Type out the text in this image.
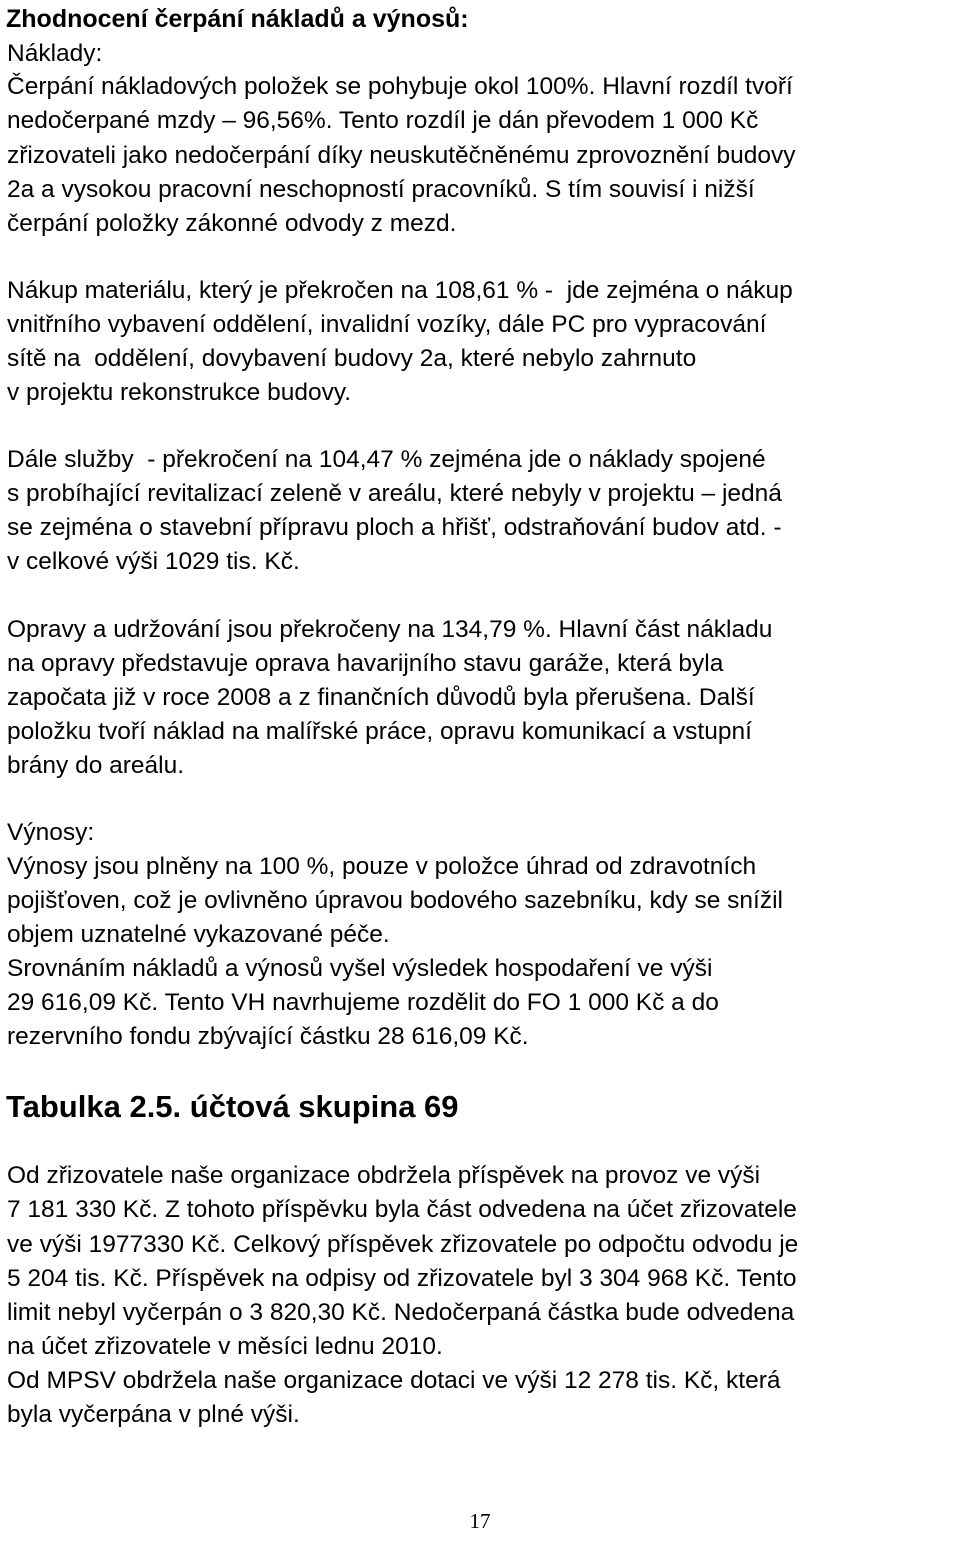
Zhodnocení čerpání nákladů a výnosů:
Náklady:
Čerpání nákladových položek se pohybuje okol 100%. Hlavní rozdíl tvoří
nedočerpané mzdy – 96,56%. Tento rozdíl je dán převodem 1 000 Kč
zřizovateli jako nedočerpání díky neuskutěčněnému zprovoznění budovy
2a a vysokou pracovní neschopností pracovníků. S tím souvisí i nižší
čerpání položky zákonné odvody z mezd.
Nákup materiálu, který je překročen na 108,61 % -  jde zejména o nákup
vnitřního vybavení oddělení, invalidní vozíky, dále PC pro vypracování
sítě na  oddělení, dovybavení budovy 2a, které nebylo zahrnuto
v projektu rekonstrukce budovy.
Dále služby  - překročení na 104,47 % zejména jde o náklady spojené
s probíhající revitalizací zeleně v areálu, které nebyly v projektu – jedná
se zejména o stavební přípravu ploch a hřišť, odstraňování budov atd. -
v celkové výši 1029 tis. Kč.
Opravy a udržování jsou překročeny na 134,79 %. Hlavní část nákladu
na opravy představuje oprava havarijního stavu garáže, která byla
započata již v roce 2008 a z finančních důvodů byla přerušena. Další
položku tvoří náklad na malířské práce, opravu komunikací a vstupní
brány do areálu.
Výnosy:
Výnosy jsou plněny na 100 %, pouze v položce úhrad od zdravotních
pojišťoven, což je ovlivněno úpravou bodového sazebníku, kdy se snížil
objem uznatelné vykazované péče.
Srovnáním nákladů a výnosů vyšel výsledek hospodaření ve výši
29 616,09 Kč. Tento VH navrhujeme rozdělit do FO 1 000 Kč a do
rezervního fondu zbývající částku 28 616,09 Kč.
Tabulka 2.5. účtová skupina 69
Od zřizovatele naše organizace obdržela příspěvek na provoz ve výši
7 181 330 Kč. Z tohoto příspěvku byla část odvedena na účet zřizovatele
ve výši 1977330 Kč. Celkový příspěvek zřizovatele po odpočtu odvodu je
5 204 tis. Kč. Příspěvek na odpisy od zřizovatele byl 3 304 968 Kč. Tento
limit nebyl vyčerpán o 3 820,30 Kč. Nedočerpaná částka bude odvedena
na účet zřizovatele v měsíci lednu 2010.
Od MPSV obdržela naše organizace dotaci ve výši 12 278 tis. Kč, která
byla vyčerpána v plné výši.
17
